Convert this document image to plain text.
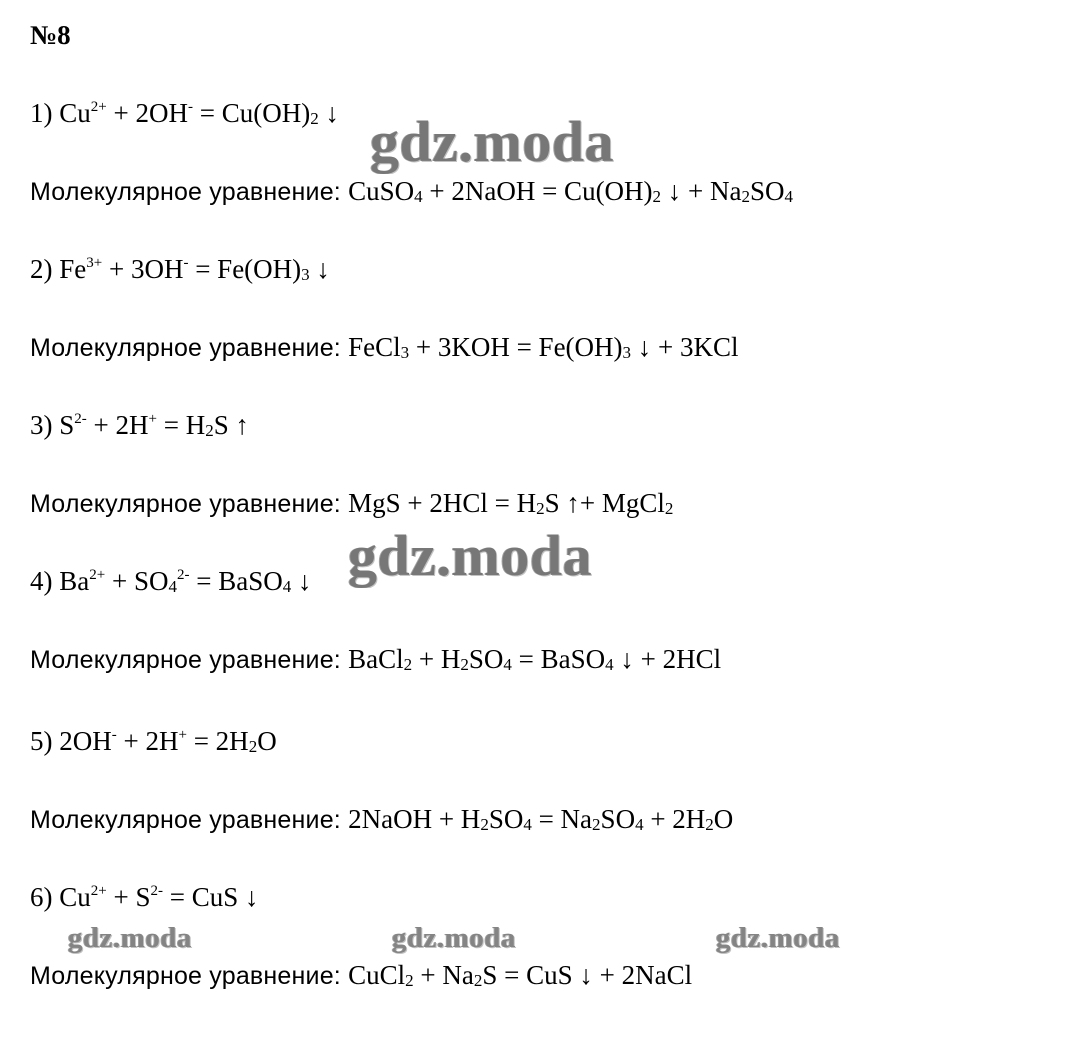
№8
1) $Cu^{2+} + 2OH^- = Cu(OH)_2$ ↓
Молекулярное уравнение: CuSO$_4$ + 2NaOH = $Cu(OH)_2$ ↓ + $Na_2SO_4$
2) $Fe^{3+} + 3OH^- = Fe(OH)_3$ ↓
Молекулярное уравнение: FeCl$_3$ + $3KOH = Fe(OH)_3$ ↓ + 3KCl
3) $S^{2-} + 2H^+ = H_2S$ ↑
Молекулярное уравнение: MgS + $2HCl = H_2S$ ↑+ MgCl$_2$
4) $Ba^{2+} + SO_4^{2-}$ = BaSO$_4$ ↓
Молекулярное уравнение: BaCl$_2$ + $H_2SO_4$ = BaSO$_4$ ↓ + 2HCl
5) $2OH^- + 2H^+ = 2H_2O$
Молекулярное уравнение: 2NaOH + $H_2SO_4 = Na_2SO_4 + 2H_2O$
6) $Cu^{2+} + S^{2-}$ = CuS ↓
Молекулярное уравнение: CuCl$_2$ + $Na_2S$ = CuS ↓ + 2NaCl
gdz.moda
gdz.moda
gdz.moda	gdz.moda	gdz.moda
